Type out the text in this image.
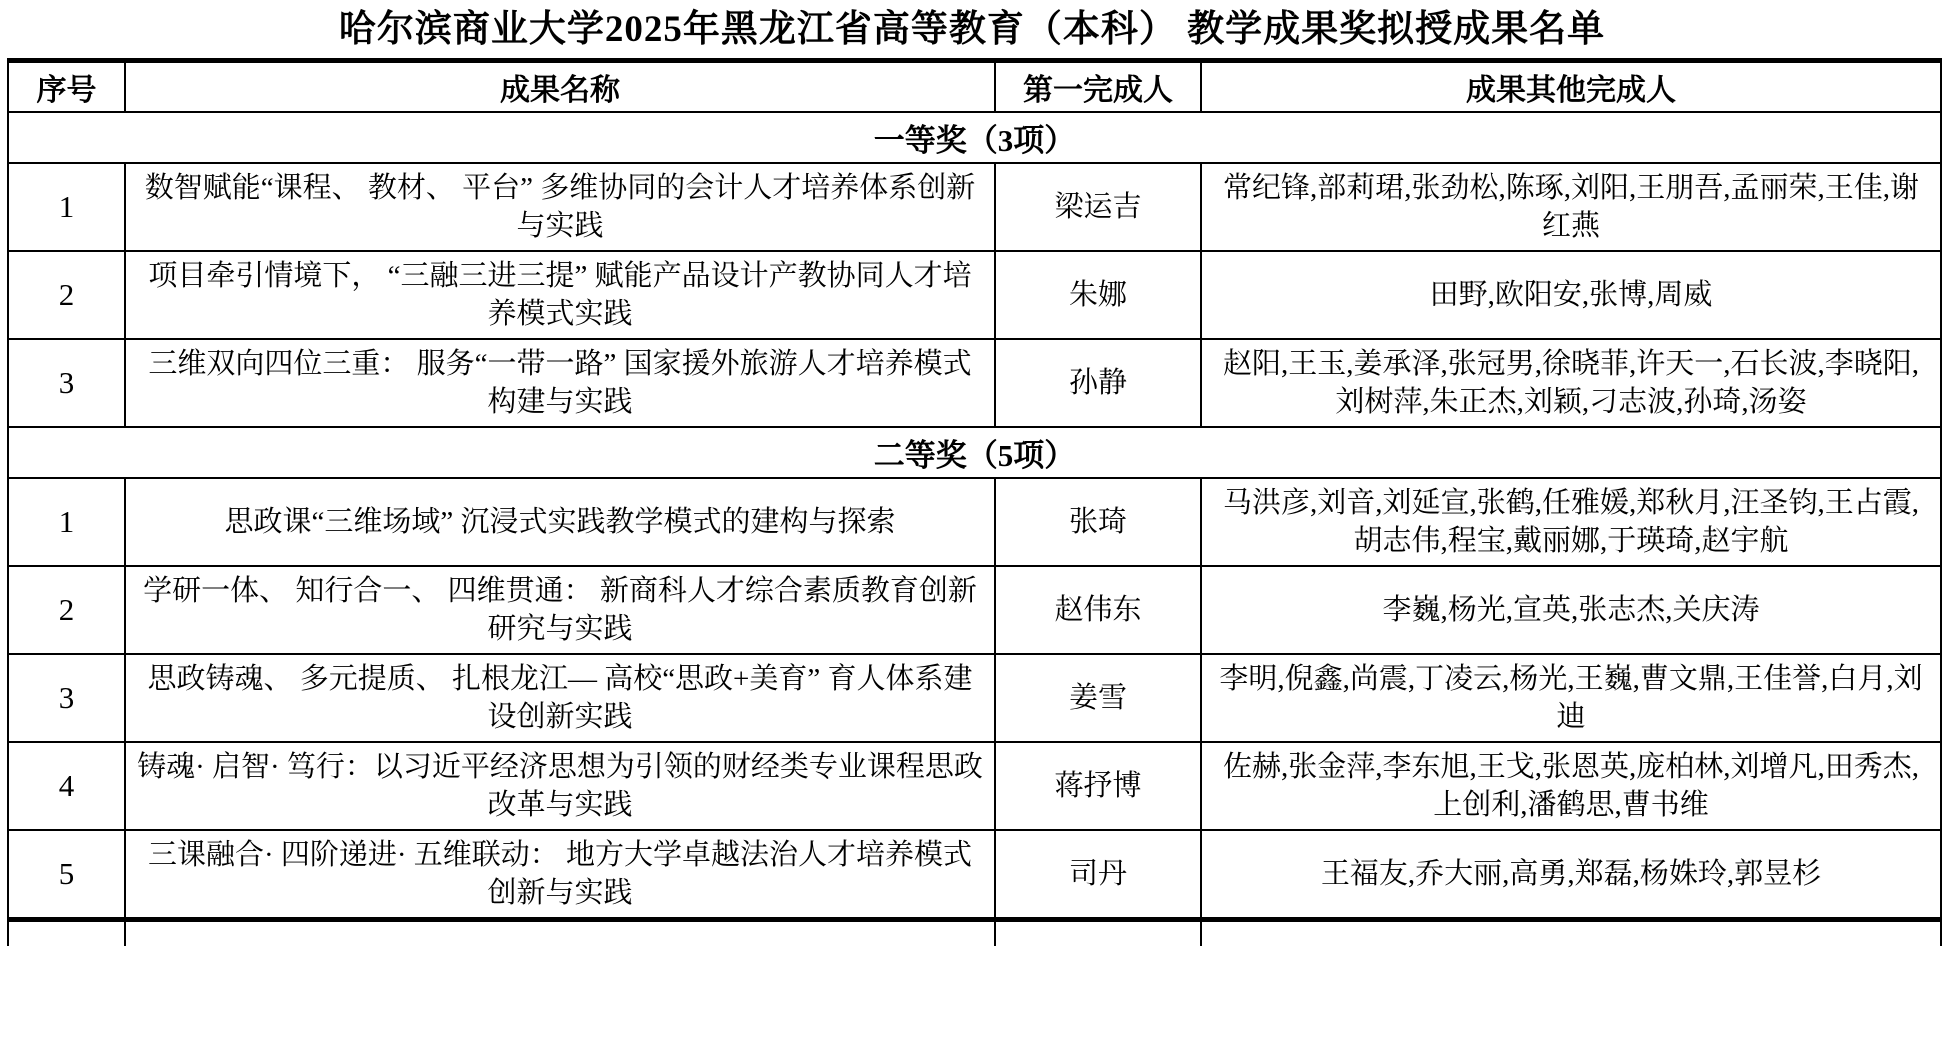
哈尔滨商业大学2025年黑龙江省高等教育（本科） 教学成果奖拟授成果名单
序号	成果名称	第一完成人	成果其他完成人
一等奖（3项）			
1	数智赋能“课程、 教材、 平台” 多维协同的会计人才培养体系创新与实践	梁运吉	常纪锋,部莉珺,张劲松,陈琢,刘阳,王朋吾,孟丽荣,王佳,谢红燕
2	项目牵引情境下， “三融三进三提” 赋能产品设计产教协同人才培养模式实践	朱娜	田野,欧阳安,张博,周威
3	三维双向四位三重： 服务“一带一路” 国家援外旅游人才培养模式构建与实践	孙静	赵阳,王玉,姜承泽,张冠男,徐晓菲,许天一,石长波,李晓阳,刘树萍,朱正杰,刘颖,刁志波,孙琦,汤姿
二等奖（5项）			
1	思政课“三维场域” 沉浸式实践教学模式的建构与探索	张琦	马洪彦,刘音,刘延宣,张鹤,任雅媛,郑秋月,汪圣钧,王占霞,胡志伟,程宝,戴丽娜,于瑛琦,赵宇航
2	学研一体、 知行合一、 四维贯通： 新商科人才综合素质教育创新研究与实践	赵伟东	李巍,杨光,宣英,张志杰,关庆涛
3	思政铸魂、 多元提质、 扎根龙江— 高校“思政+美育” 育人体系建设创新实践	姜雪	李明,倪鑫,尚震,丁凌云,杨光,王巍,曹文鼎,王佳誉,白月,刘迪
4	铸魂· 启智· 笃行：以习近平经济思想为引领的财经类专业课程思政改革与实践	蒋抒博	佐赫,张金萍,李东旭,王戈,张恩英,庞柏林,刘增凡,田秀杰,上创利,潘鹤思,曹书维
5	三课融合· 四阶递进· 五维联动： 地方大学卓越法治人才培养模式创新与实践	司丹	王福友,乔大丽,高勇,郑磊,杨姝玲,郭昱杉
